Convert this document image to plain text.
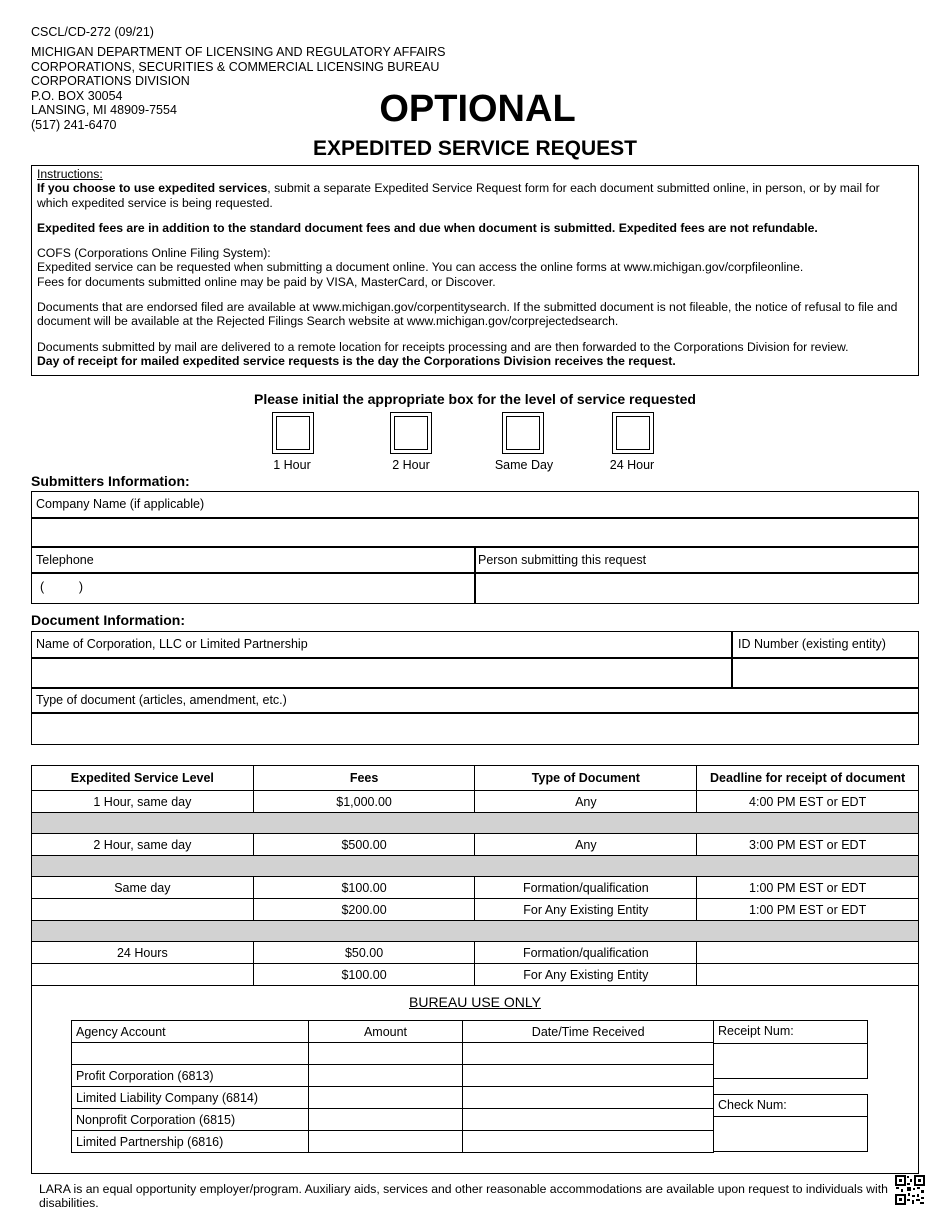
CSCL/CD-272 (09/21)
MICHIGAN DEPARTMENT OF LICENSING AND REGULATORY AFFAIRS
CORPORATIONS, SECURITIES & COMMERCIAL LICENSING BUREAU
CORPORATIONS DIVISION
P.O. BOX 30054
LANSING, MI 48909-7554
(517) 241-6470	OPTIONAL
EXPEDITED SERVICE REQUEST

Instructions:

If you choose to use expedited services, submit a separate Expedited Service Request form for each document submitted online, in person, or by mail for which expedited service is being requested.

Expedited fees are in addition to the standard document fees and due when document is submitted. Expedited fees are not refundable.

COFS (Corporations Online Filing System):

Expedited service can be requested when submitting a document online. You can access the online forms at www.michigan.gov/corpfileonline.

Fees for documents submitted online may be paid by VISA, MasterCard, or Discover.

Documents that are endorsed filed are available at www.michigan.gov/corpentitysearch. If the submitted document is not fileable, the notice of refusal to file and document will be available at the Rejected Filings Search website at www.michigan.gov/corprejectedsearch.

Documents submitted by mail are delivered to a remote location for receipts processing and are then forwarded to the Corporations Division for review.

Day of receipt for mailed expedited service requests is the day the Corporations Division receives the request.

Please initial the appropriate box for the level of service requested
1 Hour	2 Hour	Same Day	24 Hour
Submitters Information:
Company Name (if applicable)
Telephone	Person submitting this request
(          )
Document Information:
Name of Corporation, LLC or Limited Partnership	ID Number (existing entity)
Type of document (articles, amendment, etc.)
Expedited Service Level	Fees	Type of Document	Deadline for receipt of document
1 Hour, same day	$1,000.00	Any	4:00 PM EST or EDT

2 Hour, same day	$500.00	Any	3:00 PM EST or EDT

Same day	$100.00	Formation/qualification	1:00 PM EST or EDT
	$200.00	For Any Existing Entity	1:00 PM EST or EDT

24 Hours	$50.00	Formation/qualification	
	$100.00	For Any Existing Entity	
BUREAU USE ONLY
Agency Account	Amount	Date/Time Received

Profit Corporation (6813)		
Limited Liability Company (6814)		
Nonprofit Corporation (6815)		
Limited Partnership (6816)		
Receipt Num:
Check Num:
LARA is an equal opportunity employer/program. Auxiliary aids, services and other reasonable accommodations are available upon request to individuals with disabilities.
